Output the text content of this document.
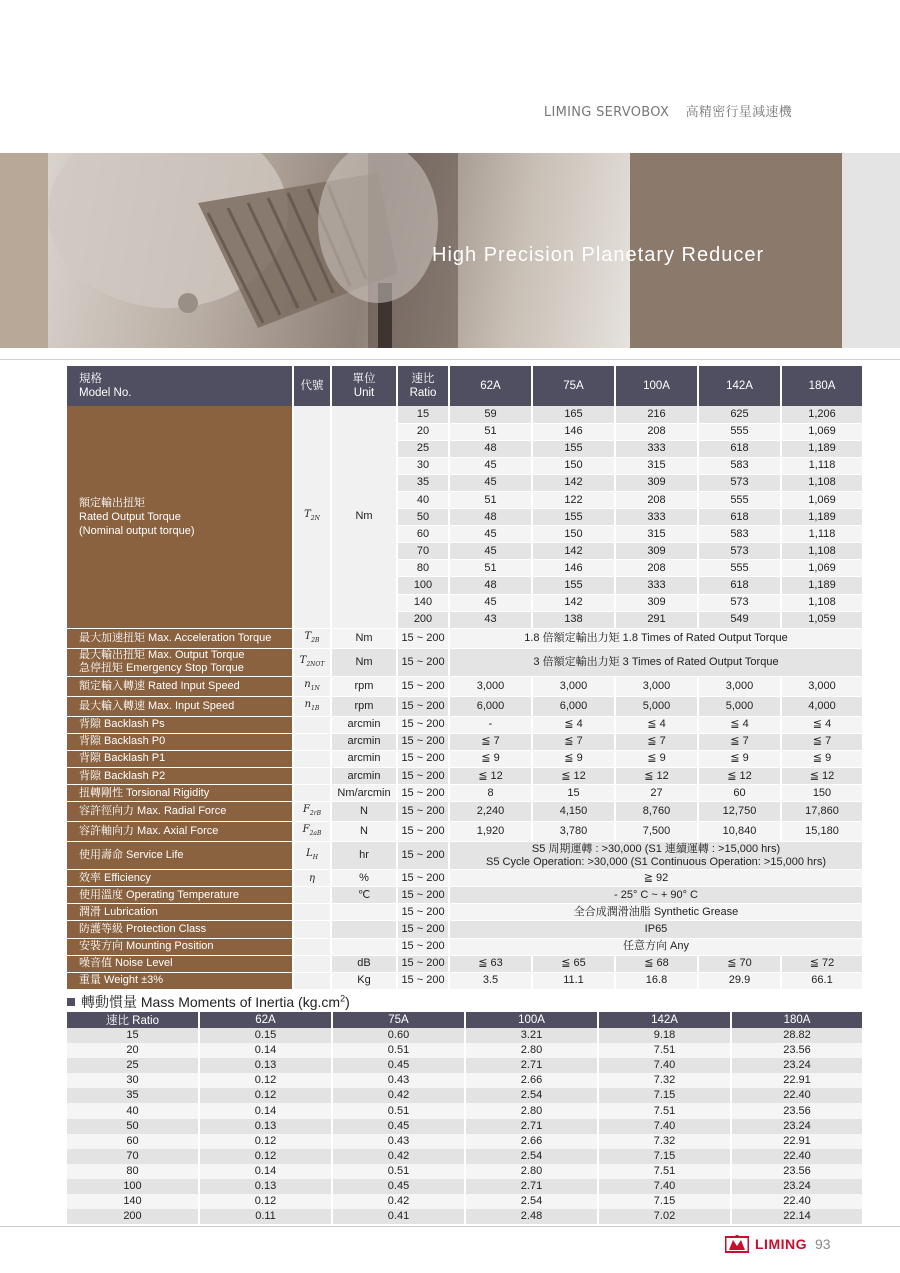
LIMING SERVOBOX 高精密行星減速機
High Precision Planetary Reducer
規格
Model No.	代號	單位
Unit	速比
Ratio	62A	75A	100A	142A	180A
額定輸出扭矩
Rated Output Torque
(Nominal output torque)	$T_{2N}$	Nm	15	59	165	216	625	1,206
			20	51	146	208	555	1,069
			25	48	155	333	618	1,189
			30	45	150	315	583	1,118
			35	45	142	309	573	1,108
			40	51	122	208	555	1,069
			50	48	155	333	618	1,189
			60	45	150	315	583	1,118
			70	45	142	309	573	1,108
			80	51	146	208	555	1,069
			100	48	155	333	618	1,189
			140	45	142	309	573	1,108
			200	43	138	291	549	1,059
最大加速扭矩 Max. Acceleration Torque	$T_{2B}$	Nm	15 ~ 200	1.8 倍額定輸出力矩 1.8 Times of Rated Output Torque				
最大輸出扭矩 Max. Output Torque
急停扭矩 Emergency Stop Torque	$T_{2NOT}$	Nm	15 ~ 200	3 倍額定輸出力矩 3 Times of Rated Output Torque				
額定輸入轉速 Rated Input Speed	$n_{1N}$	rpm	15 ~ 200	3,000	3,000	3,000	3,000	3,000
最大輸入轉速 Max. Input Speed	$n_{1B}$	rpm	15 ~ 200	6,000	6,000	5,000	5,000	4,000
背隙 Backlash Ps		arcmin	15 ~ 200	-	≦ 4	≦ 4	≦ 4	≦ 4
背隙 Backlash P0		arcmin	15 ~ 200	≦ 7	≦ 7	≦ 7	≦ 7	≦ 7
背隙 Backlash P1		arcmin	15 ~ 200	≦ 9	≦ 9	≦ 9	≦ 9	≦ 9
背隙 Backlash P2		arcmin	15 ~ 200	≦ 12	≦ 12	≦ 12	≦ 12	≦ 12
扭轉剛性 Torsional Rigidity		Nm/arcmin	15 ~ 200	8	15	27	60	150
容許徑向力 Max. Radial Force	$F_{2rB}$	N	15 ~ 200	2,240	4,150	8,760	12,750	17,860
容許軸向力 Max. Axial Force	$F_{2aB}$	N	15 ~ 200	1,920	3,780	7,500	10,840	15,180
使用壽命 Service Life	$L_H$	hr	15 ~ 200	S5 周期運轉 : >30,000 (S1 連續運轉 : >15,000 hrs)
S5 Cycle Operation: >30,000 (S1 Continuous Operation: >15,000 hrs)				
效率 Efficiency	η	%	15 ~ 200	≧ 92				
使用溫度 Operating Temperature		℃	15 ~ 200	- 25° C ~ + 90° C				
潤滑 Lubrication			15 ~ 200	全合成潤滑油脂 Synthetic Grease				
防護等級 Protection Class			15 ~ 200	IP65				
安裝方向 Mounting Position			15 ~ 200	任意方向 Any				
噪音值 Noise Level		dB	15 ~ 200	≦ 63	≦ 65	≦ 68	≦ 70	≦ 72
重量 Weight ±3%		Kg	15 ~ 200	3.5	11.1	16.8	29.9	66.1
轉動慣量 Mass Moments of Inertia $(kg.cm^2)$
速比 Ratio	62A	75A	100A	142A	180A
15	0.15	0.60	3.21	9.18	28.82
20	0.14	0.51	2.80	7.51	23.56
25	0.13	0.45	2.71	7.40	23.24
30	0.12	0.43	2.66	7.32	22.91
35	0.12	0.42	2.54	7.15	22.40
40	0.14	0.51	2.80	7.51	23.56
50	0.13	0.45	2.71	7.40	23.24
60	0.12	0.43	2.66	7.32	22.91
70	0.12	0.42	2.54	7.15	22.40
80	0.14	0.51	2.80	7.51	23.56
100	0.13	0.45	2.71	7.40	23.24
140	0.12	0.42	2.54	7.15	22.40
200	0.11	0.41	2.48	7.02	22.14
LIMING 93
